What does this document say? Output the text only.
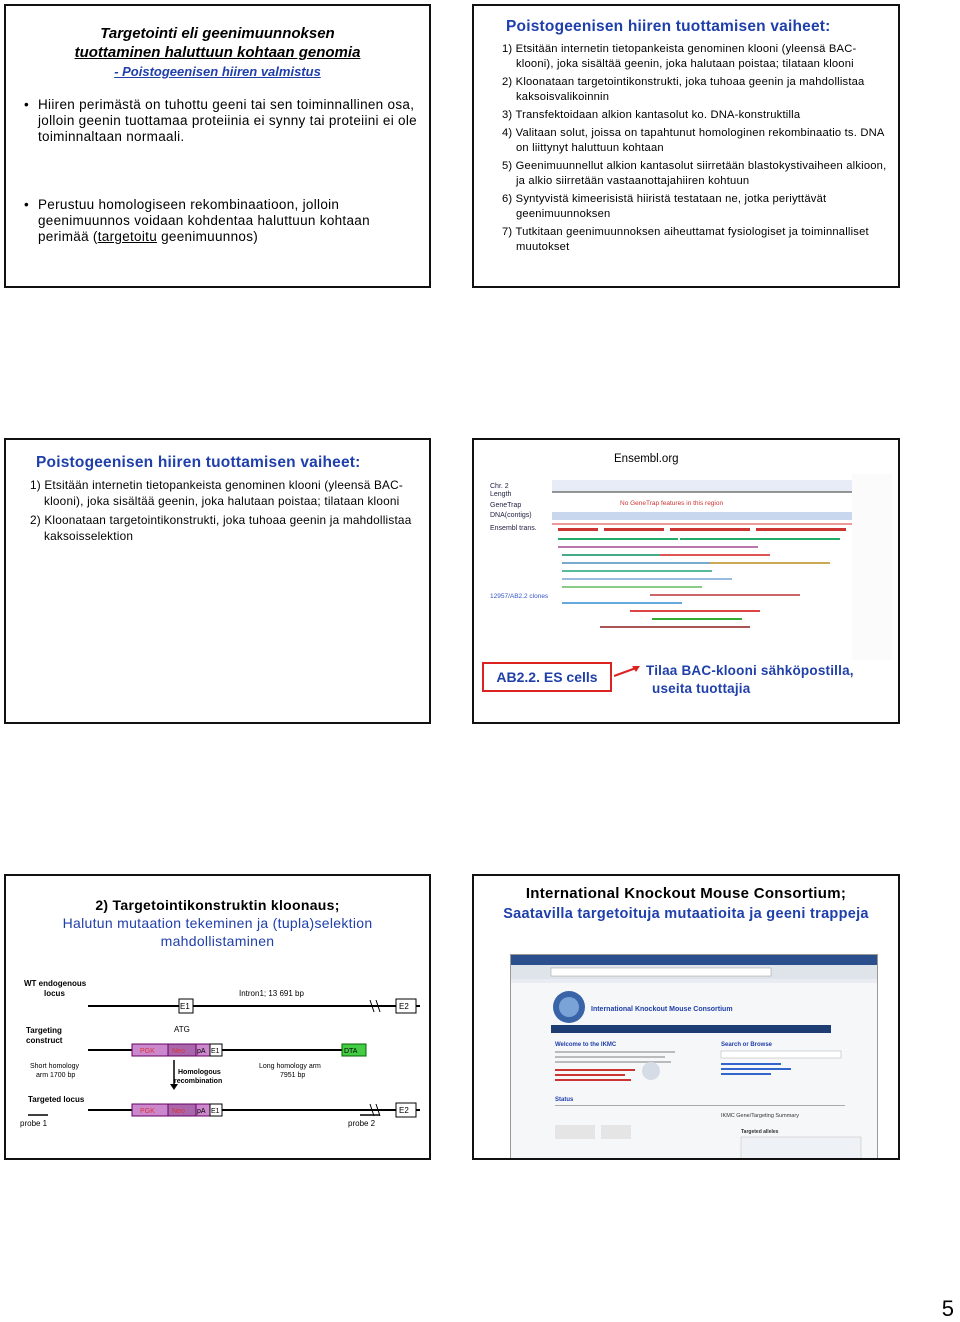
Targetointi eli geenimuunnoksen
tuottaminen haluttuun kohtaan genomia
- Poistogeenisen hiiren valmistus
• Hiiren perimästä on tuhottu geeni tai sen toiminnallinen osa, jolloin geenin tuottamaa proteiinia ei synny tai proteiini ei ole toiminnaltaan normaali.
• Perustuu homologiseen rekombinaatioon, jolloin geenimuunnos voidaan kohdentaa haluttuun kohtaan perimää (targetoitu geenimuunnos)
Poistogeenisen hiiren tuottamisen vaiheet:
1) Etsitään internetin tietopankeista genominen klooni (yleensä BAC-klooni), joka sisältää geenin, joka halutaan poistaa; tilataan klooni
2) Kloonataan targetointikonstrukti, joka tuhoaa geenin ja mahdollistaa kaksoisvalikoinnin
3) Transfektoidaan alkion kantasolut ko. DNA-konstruktilla
4) Valitaan solut, joissa on tapahtunut homologinen rekombinaatio ts. DNA on liittynyt haluttuun kohtaan
5) Geenimuunnellut alkion kantasolut siirretään blastokystivaiheen alkioon, ja alkio siirretään vastaanottajahiiren kohtuun
6) Syntyvistä kimeerisistä hiiristä testataan ne, jotka periyttävät geenimuunnoksen
7) Tutkitaan geenimuunnoksen aiheuttamat fysiologiset ja toiminnalliset muutokset
Poistogeenisen hiiren tuottamisen vaiheet:
1) Etsitään internetin tietopankeista genominen klooni (yleensä BAC-klooni), joka sisältää geenin, joka halutaan poistaa; tilataan klooni
2) Kloonataan targetointikonstrukti, joka tuhoaa geenin ja mahdollistaa kaksoisselektion
Ensembl.org
Chr. 2
Length
GeneTrap
DNA(contigs)
Ensembl trans.
No GeneTrap features in this region
12957/AB2.2 clones
AB2.2. ES cells	Tilaa BAC-klooni sähköpostilla,
useita tuottajia
2) Targetointikonstruktin kloonaus;
Halutun mutaation tekeminen ja (tupla)selektion mahdollistaminen
WT endogenous
locus
E1
Intron1; 13 691 bp
E2
Targeting
construct
ATG
PGK Neo pA E1	DTA
Short homology
arm 1700 bp
Long homology arm
7951 bp
Homologous
recombination
Targeted locus
PGK Neo pA E1	E2
probe 1	probe 2
International Knockout Mouse Consortium;
Saatavilla targetoituja mutaatioita ja geeni trappeja
International Knockout Mouse Consortium
Welcome to the IKMC	Search or Browse
Status
IKMC Gene/Targeting Summary
Targeted alleles
5
